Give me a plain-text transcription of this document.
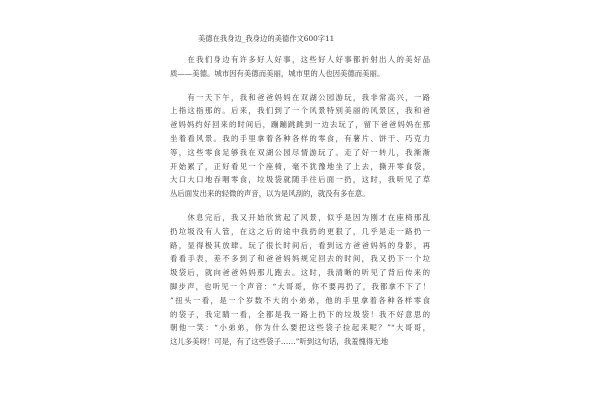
美德在我身边_我身边的美德作文600字11
　　在我们身边有许多好人好事，这些好人好事都折射出人的美好品
质——美德。城市因有美德而美丽，城市里的人也因美德而美丽。
　　有一天下午，我和爸爸妈妈在双湖公园游玩，我非常高兴，一路
上指这指那的。后来，我们到了一个风景特别美丽的风景区，我和爸
爸妈妈约好回来的时间后，蹦蹦跳跳到一边去玩了，留下爸爸妈妈在那
坐着看风景。我的手里拿着各种各样的零食，有薯片、饼干、巧克力
等，这些零食足够我在双湖公园尽情游玩了。走了好一转儿，我渐渐
开始累了，正好看见一个座椅，毫不犹豫地坐了上去，撕开零食袋，
大口大口地吞咽零食，垃圾袋就随手往后面一扔，这时，我听见了草
丛后面发出来的轻微的声音，以为是风刮的，就没有多在意。
　　休息完后，我又开始欣赏起了风景，似乎是因为刚才在座椅那乱
扔垃圾没有人管，在这之后的途中我扔的更狠了，几乎是走一路扔一
路，显得极其放肆。玩了很长时间后，看到远方爸爸妈妈的身影，再
看看手表，差不多到了和爸爸妈妈规定回去的时间，我又扔下一个垃
圾袋后，就向爸爸妈妈那儿跑去。这时，我清晰的听见了背后传来的
脚步声，也听见一个声音：“大哥哥，你不要再扔了，我都拿不下了！
”扭头一看，是一个岁数不大的小弟弟，他的手里拿着各种各样零食
的袋子，我定睛一看，全都是我一路上扔下的垃圾袋！我不好意思的
朝他一笑：“小弟弟，你为什么要把这些袋子捡起来呢？”“大哥哥，
这儿多美呀！可是，有了这些袋子……”听到这句话，我羞愧得无地
